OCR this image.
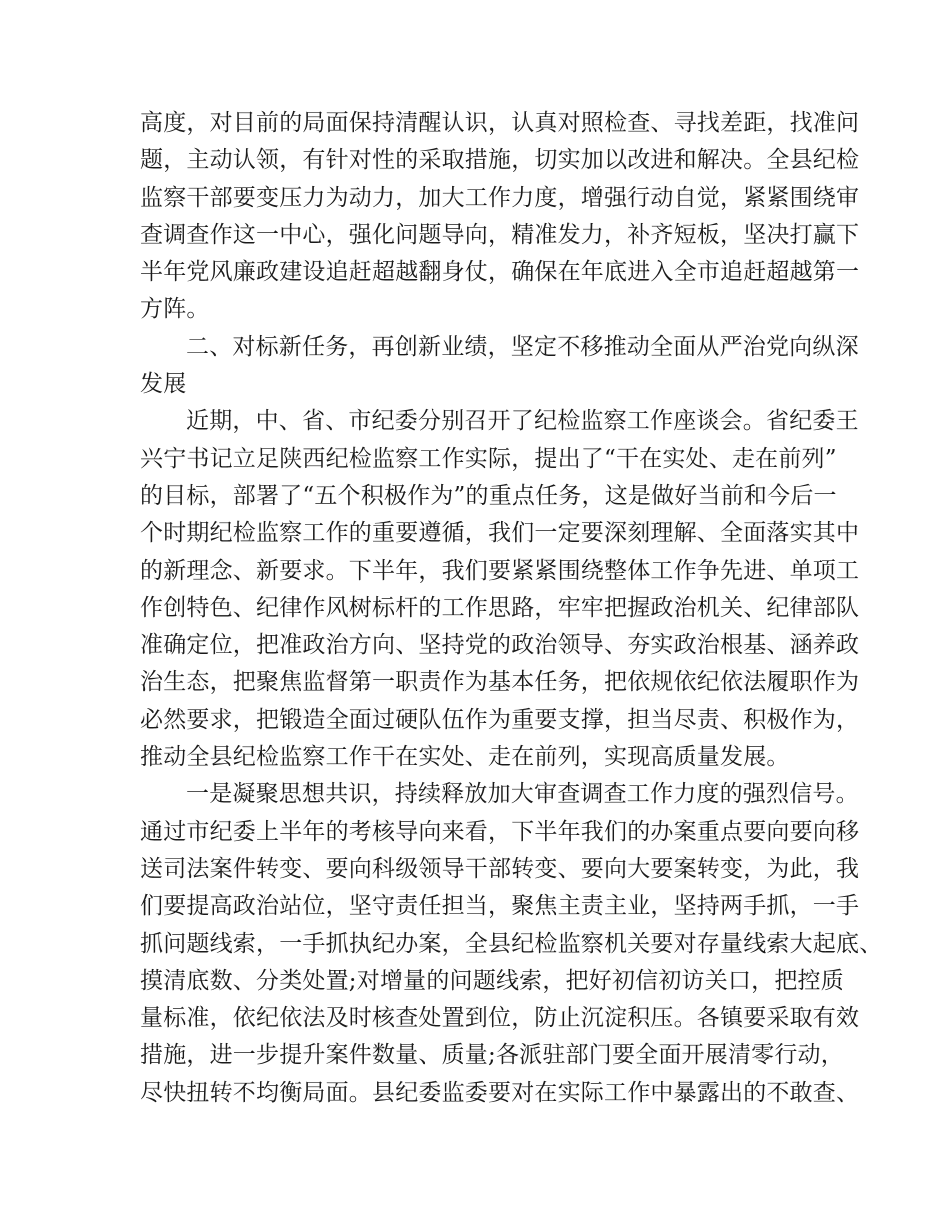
高度，对目前的局面保持清醒认识，认真对照检查、寻找差距，找准问
题，主动认领，有针对性的采取措施，切实加以改进和解决。全县纪检
监察干部要变压力为动力，加大工作力度，增强行动自觉，紧紧围绕审
查调查作这一中心，强化问题导向，精准发力，补齐短板，坚决打赢下
半年党风廉政建设追赶超越翻身仗，确保在年底进入全市追赶超越第一
方阵。
二、对标新任务，再创新业绩，坚定不移推动全面从严治党向纵深
发展
近期，中、省、市纪委分别召开了纪检监察工作座谈会。省纪委王
兴宁书记立足陕西纪检监察工作实际，提出了“干在实处、走在前列”
的目标，部署了“五个积极作为”的重点任务，这是做好当前和今后一
个时期纪检监察工作的重要遵循，我们一定要深刻理解、全面落实其中
的新理念、新要求。下半年，我们要紧紧围绕整体工作争先进、单项工
作创特色、纪律作风树标杆的工作思路，牢牢把握政治机关、纪律部队
准确定位，把准政治方向、坚持党的政治领导、夯实政治根基、涵养政
治生态，把聚焦监督第一职责作为基本任务，把依规依纪依法履职作为
必然要求，把锻造全面过硬队伍作为重要支撑，担当尽责、积极作为，
推动全县纪检监察工作干在实处、走在前列，实现高质量发展。
一是凝聚思想共识，持续释放加大审查调查工作力度的强烈信号。
通过市纪委上半年的考核导向来看，下半年我们的办案重点要向要向移
送司法案件转变、要向科级领导干部转变、要向大要案转变，为此，我
们要提高政治站位，坚守责任担当，聚焦主责主业，坚持两手抓，一手
抓问题线索，一手抓执纪办案，全县纪检监察机关要对存量线索大起底、
摸清底数、分类处置;对增量的问题线索，把好初信初访关口，把控质
量标准，依纪依法及时核查处置到位，防止沉淀积压。各镇要采取有效
措施，进一步提升案件数量、质量;各派驻部门要全面开展清零行动，
尽快扭转不均衡局面。县纪委监委要对在实际工作中暴露出的不敢查、
